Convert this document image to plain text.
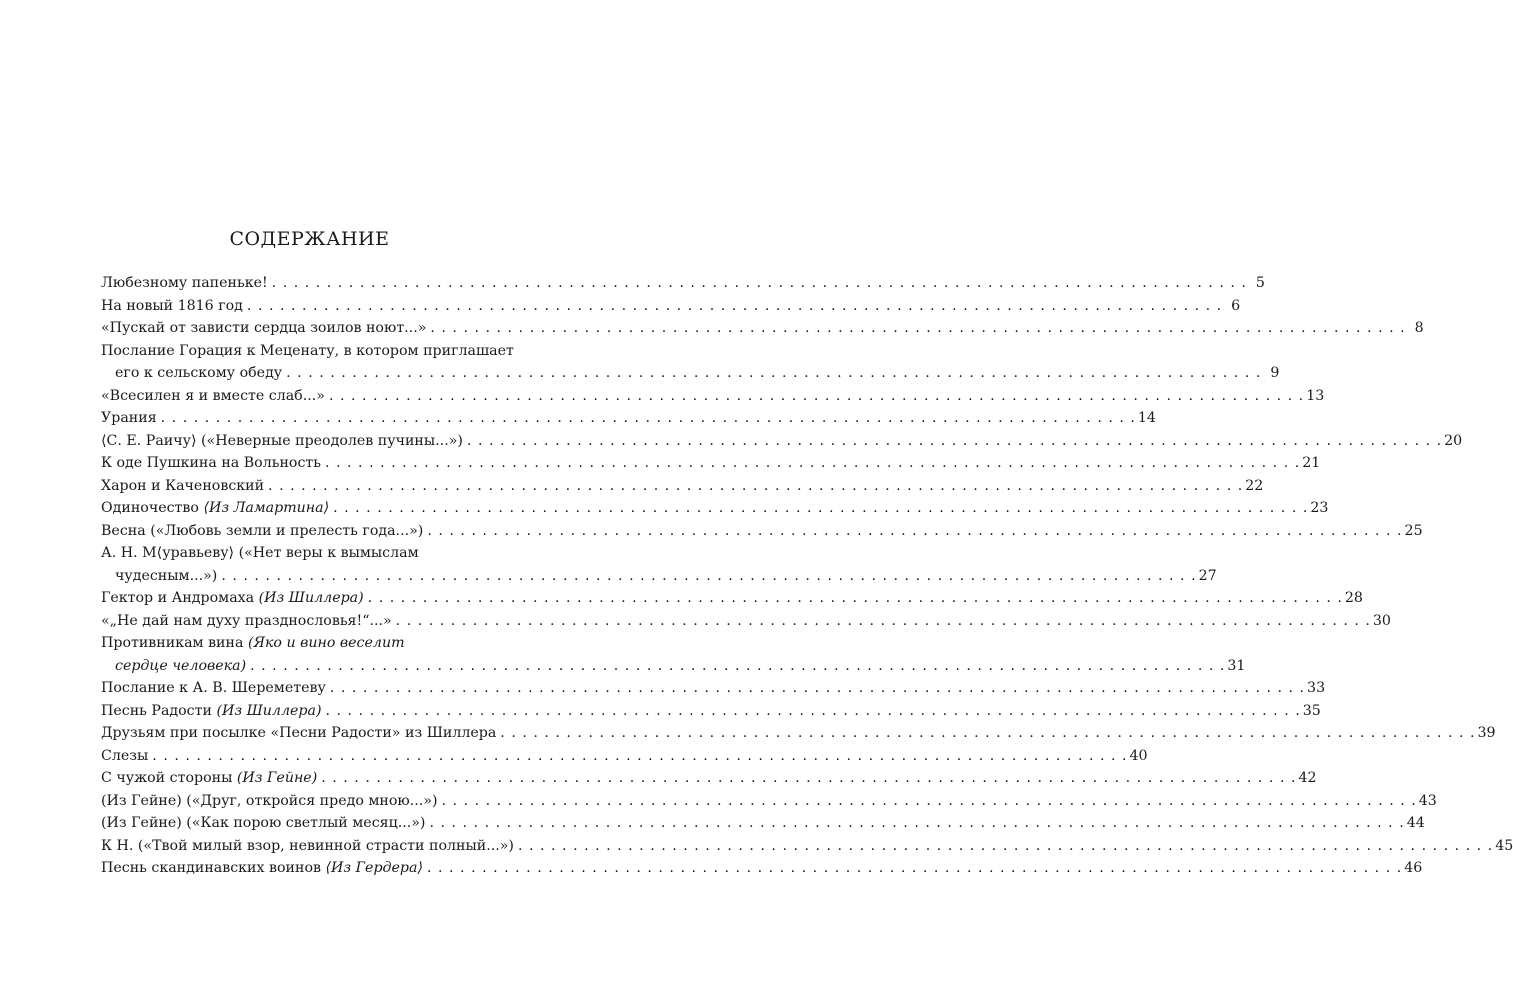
СОДЕРЖАНИЕ
Любезному папеньке! . . .	5
На новый 1816 год . . .	6
«Пускай от зависти сердца зоилов ноют...» . . .	8
Послание Горация к Меценату, в котором приглашает
его к сельскому обеду . . .	9
«Всесилен я и вместе слаб...» . . .	13
Урания . . .	14
⟨С. Е. Раичу⟩ («Неверные преодолев пучины...») . . .	20
К оде Пушкина на Вольность . . .	21
Харон и Каченовский . . .	22
Одиночество ⟨Из Ламартина⟩ . . .	23
Весна («Любовь земли и прелесть года...») . . .	25
А. Н. М⟨уравьеву⟩ («Нет веры к вымыслам
чудесным...») . . .	27
Гектор и Андромаха (Из Шиллера) . . .	28
«„Не дай нам духу празднословья!“...» . . .	30
Противникам вина (Яко и вино веселит
сердце человека) . . .	31
Послание к А. В. Шереметеву . . .	33
Песнь Радости (Из Шиллера) . . .	35
Друзьям при посылке «Песни Радости» из Шиллера . . .	39
Слезы . . .	40
С чужой стороны (Из Гейне) . . .	42
(Из Гейне) («Друг, откройся предо мною...») . . .	43
(Из Гейне) («Как порою светлый месяц...») . . .	44
К Н. («Твой милый взор, невинной страсти полный...») . . .	45
Песнь скандинавских воинов ⟨Из Гердера⟩ . . .	46
